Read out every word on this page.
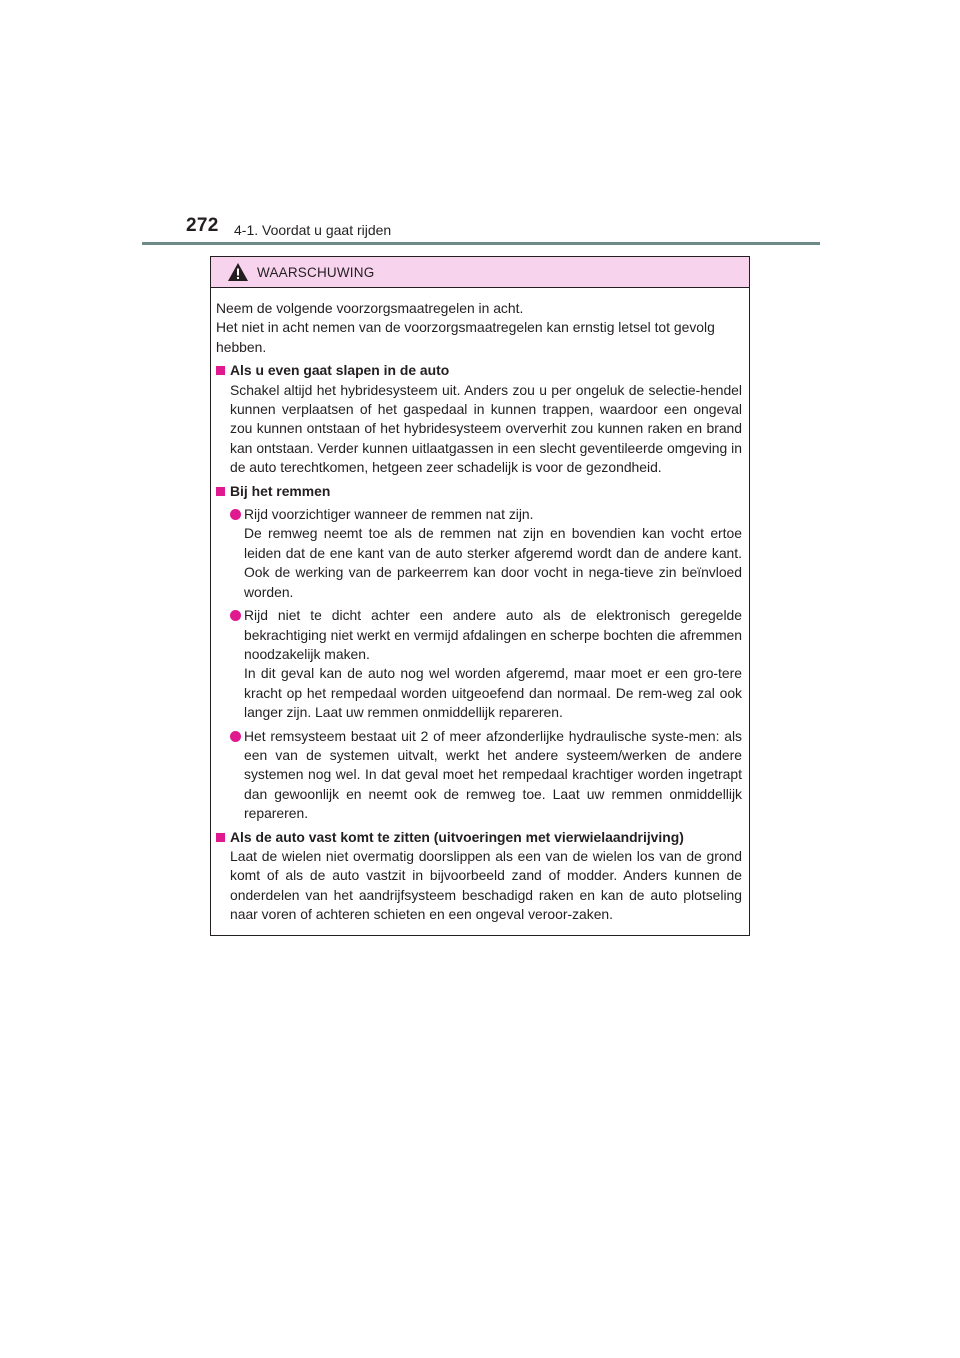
272 4-1. Voordat u gaat rijden
WAARSCHUWING

Neem de volgende voorzorgsmaatregelen in acht.

Het niet in acht nemen van de voorzorgsmaatregelen kan ernstig letsel tot gevolg hebben.

Als u even gaat slapen in de auto

Schakel altijd het hybridesysteem uit. Anders zou u per ongeluk de selectie-hendel kunnen verplaatsen of het gaspedaal in kunnen trappen, waardoor een ongeval zou kunnen ontstaan of het hybridesysteem oververhit zou kunnen raken en brand kan ontstaan. Verder kunnen uitlaatgassen in een slecht geventileerde omgeving in de auto terechtkomen, hetgeen zeer schadelijk is voor de gezondheid.

Bij het remmen

Rijd voorzichtiger wanneer de remmen nat zijn.

De remweg neemt toe als de remmen nat zijn en bovendien kan vocht ertoe leiden dat de ene kant van de auto sterker afgeremd wordt dan de andere kant. Ook de werking van de parkeerrem kan door vocht in nega-tieve zin beïnvloed worden.

Rijd niet te dicht achter een andere auto als de elektronisch geregelde bekrachtiging niet werkt en vermijd afdalingen en scherpe bochten die afremmen noodzakelijk maken.

In dit geval kan de auto nog wel worden afgeremd, maar moet er een gro-tere kracht op het rempedaal worden uitgeoefend dan normaal. De rem-weg zal ook langer zijn. Laat uw remmen onmiddellijk repareren.

Het remsysteem bestaat uit 2 of meer afzonderlijke hydraulische syste-men: als een van de systemen uitvalt, werkt het andere systeem/werken de andere systemen nog wel. In dat geval moet het rempedaal krachtiger worden ingetrapt dan gewoonlijk en neemt ook de remweg toe. Laat uw remmen onmiddellijk repareren.

Als de auto vast komt te zitten (uitvoeringen met vierwielaandrijving)

Laat de wielen niet overmatig doorslippen als een van de wielen los van de grond komt of als de auto vastzit in bijvoorbeeld zand of modder. Anders kunnen de onderdelen van het aandrijfsysteem beschadigd raken en kan de auto plotseling naar voren of achteren schieten en een ongeval veroor-zaken.
